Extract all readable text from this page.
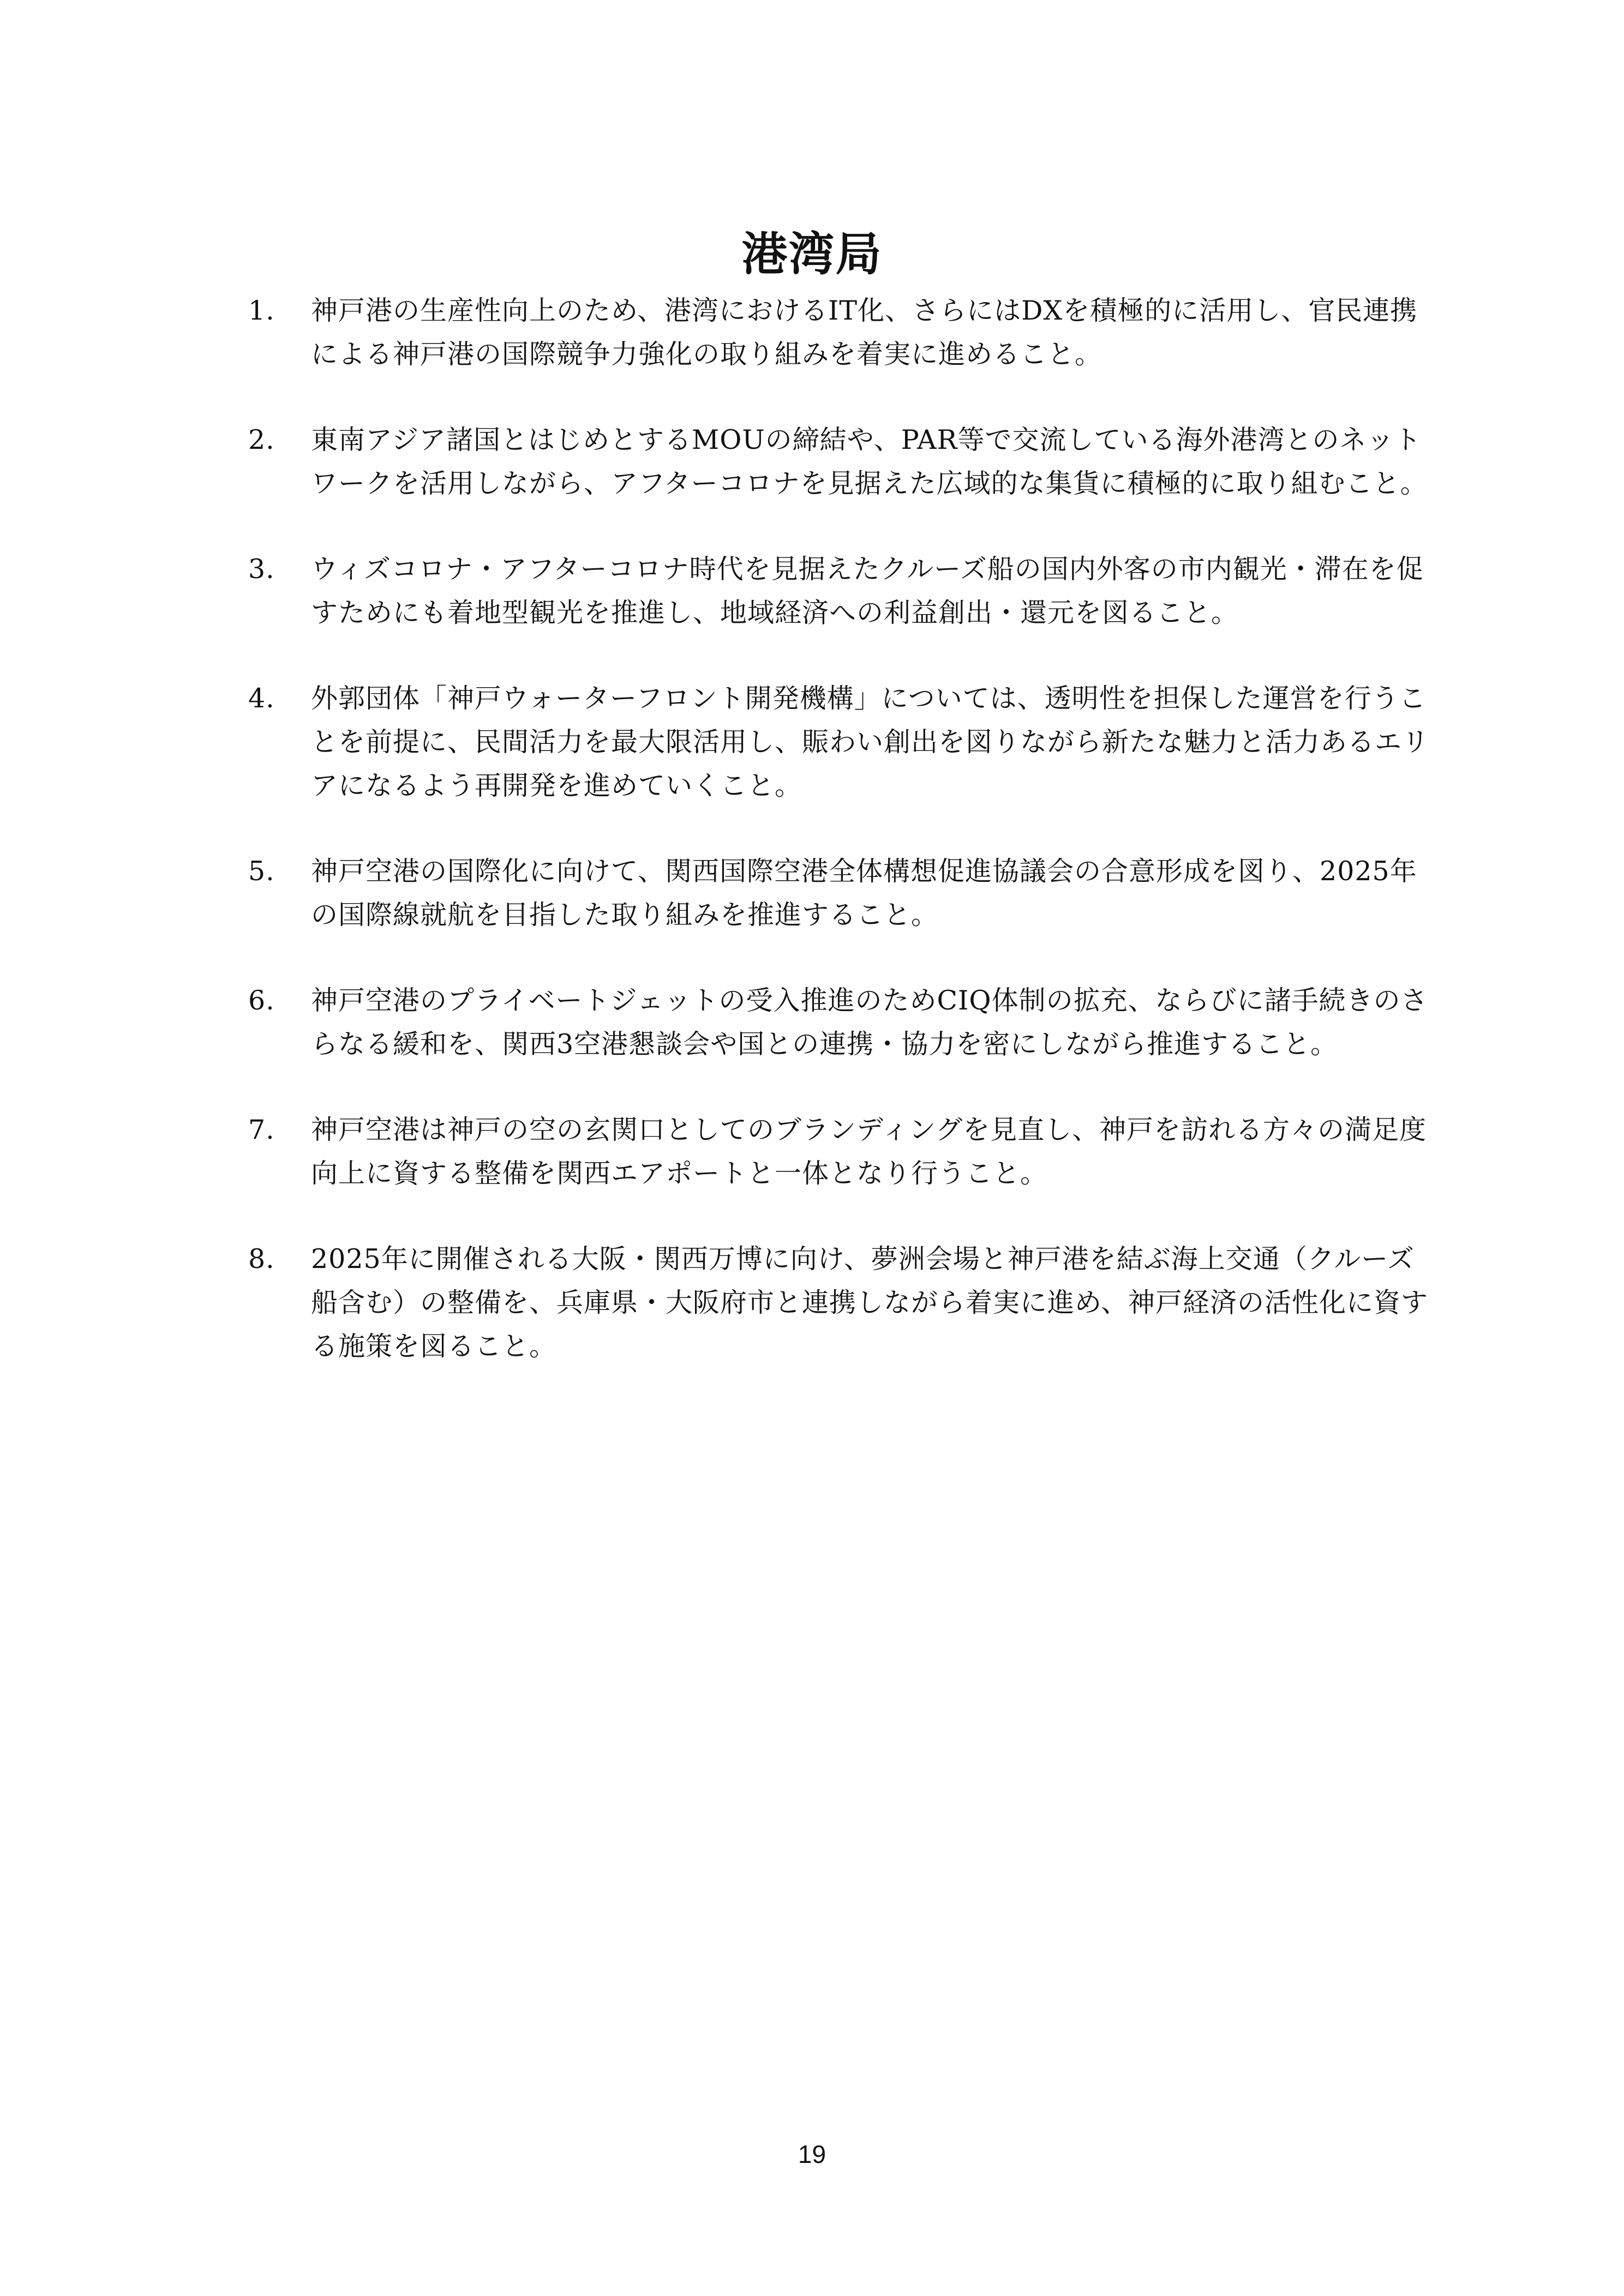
港湾局
1.	神戸港の生産性向上のため、港湾におけるIT化、さらにはDXを積極的に活用し、官民連携による神戸港の国際競争力強化の取り組みを着実に進めること。
2.	東南アジア諸国とはじめとするMOUの締結や、PAR等で交流している海外港湾とのネットワークを活用しながら、アフターコロナを見据えた広域的な集貨に積極的に取り組むこと。
3.	ウィズコロナ・アフターコロナ時代を見据えたクルーズ船の国内外客の市内観光・滞在を促すためにも着地型観光を推進し、地域経済への利益創出・還元を図ること。
4.	外郭団体「神戸ウォーターフロント開発機構」については、透明性を担保した運営を行うことを前提に、民間活力を最大限活用し、賑わい創出を図りながら新たな魅力と活力あるエリアになるよう再開発を進めていくこと。
5.	神戸空港の国際化に向けて、関西国際空港全体構想促進協議会の合意形成を図り、2025年の国際線就航を目指した取り組みを推進すること。
6.	神戸空港のプライベートジェットの受入推進のためCIQ体制の拡充、ならびに諸手続きのさらなる緩和を、関西3空港懇談会や国との連携・協力を密にしながら推進すること。
7.	神戸空港は神戸の空の玄関口としてのブランディングを見直し、神戸を訪れる方々の満足度向上に資する整備を関西エアポートと一体となり行うこと。
8.	2025年に開催される大阪・関西万博に向け、夢洲会場と神戸港を結ぶ海上交通（クルーズ船含む）の整備を、兵庫県・大阪府市と連携しながら着実に進め、神戸経済の活性化に資する施策を図ること。
19
